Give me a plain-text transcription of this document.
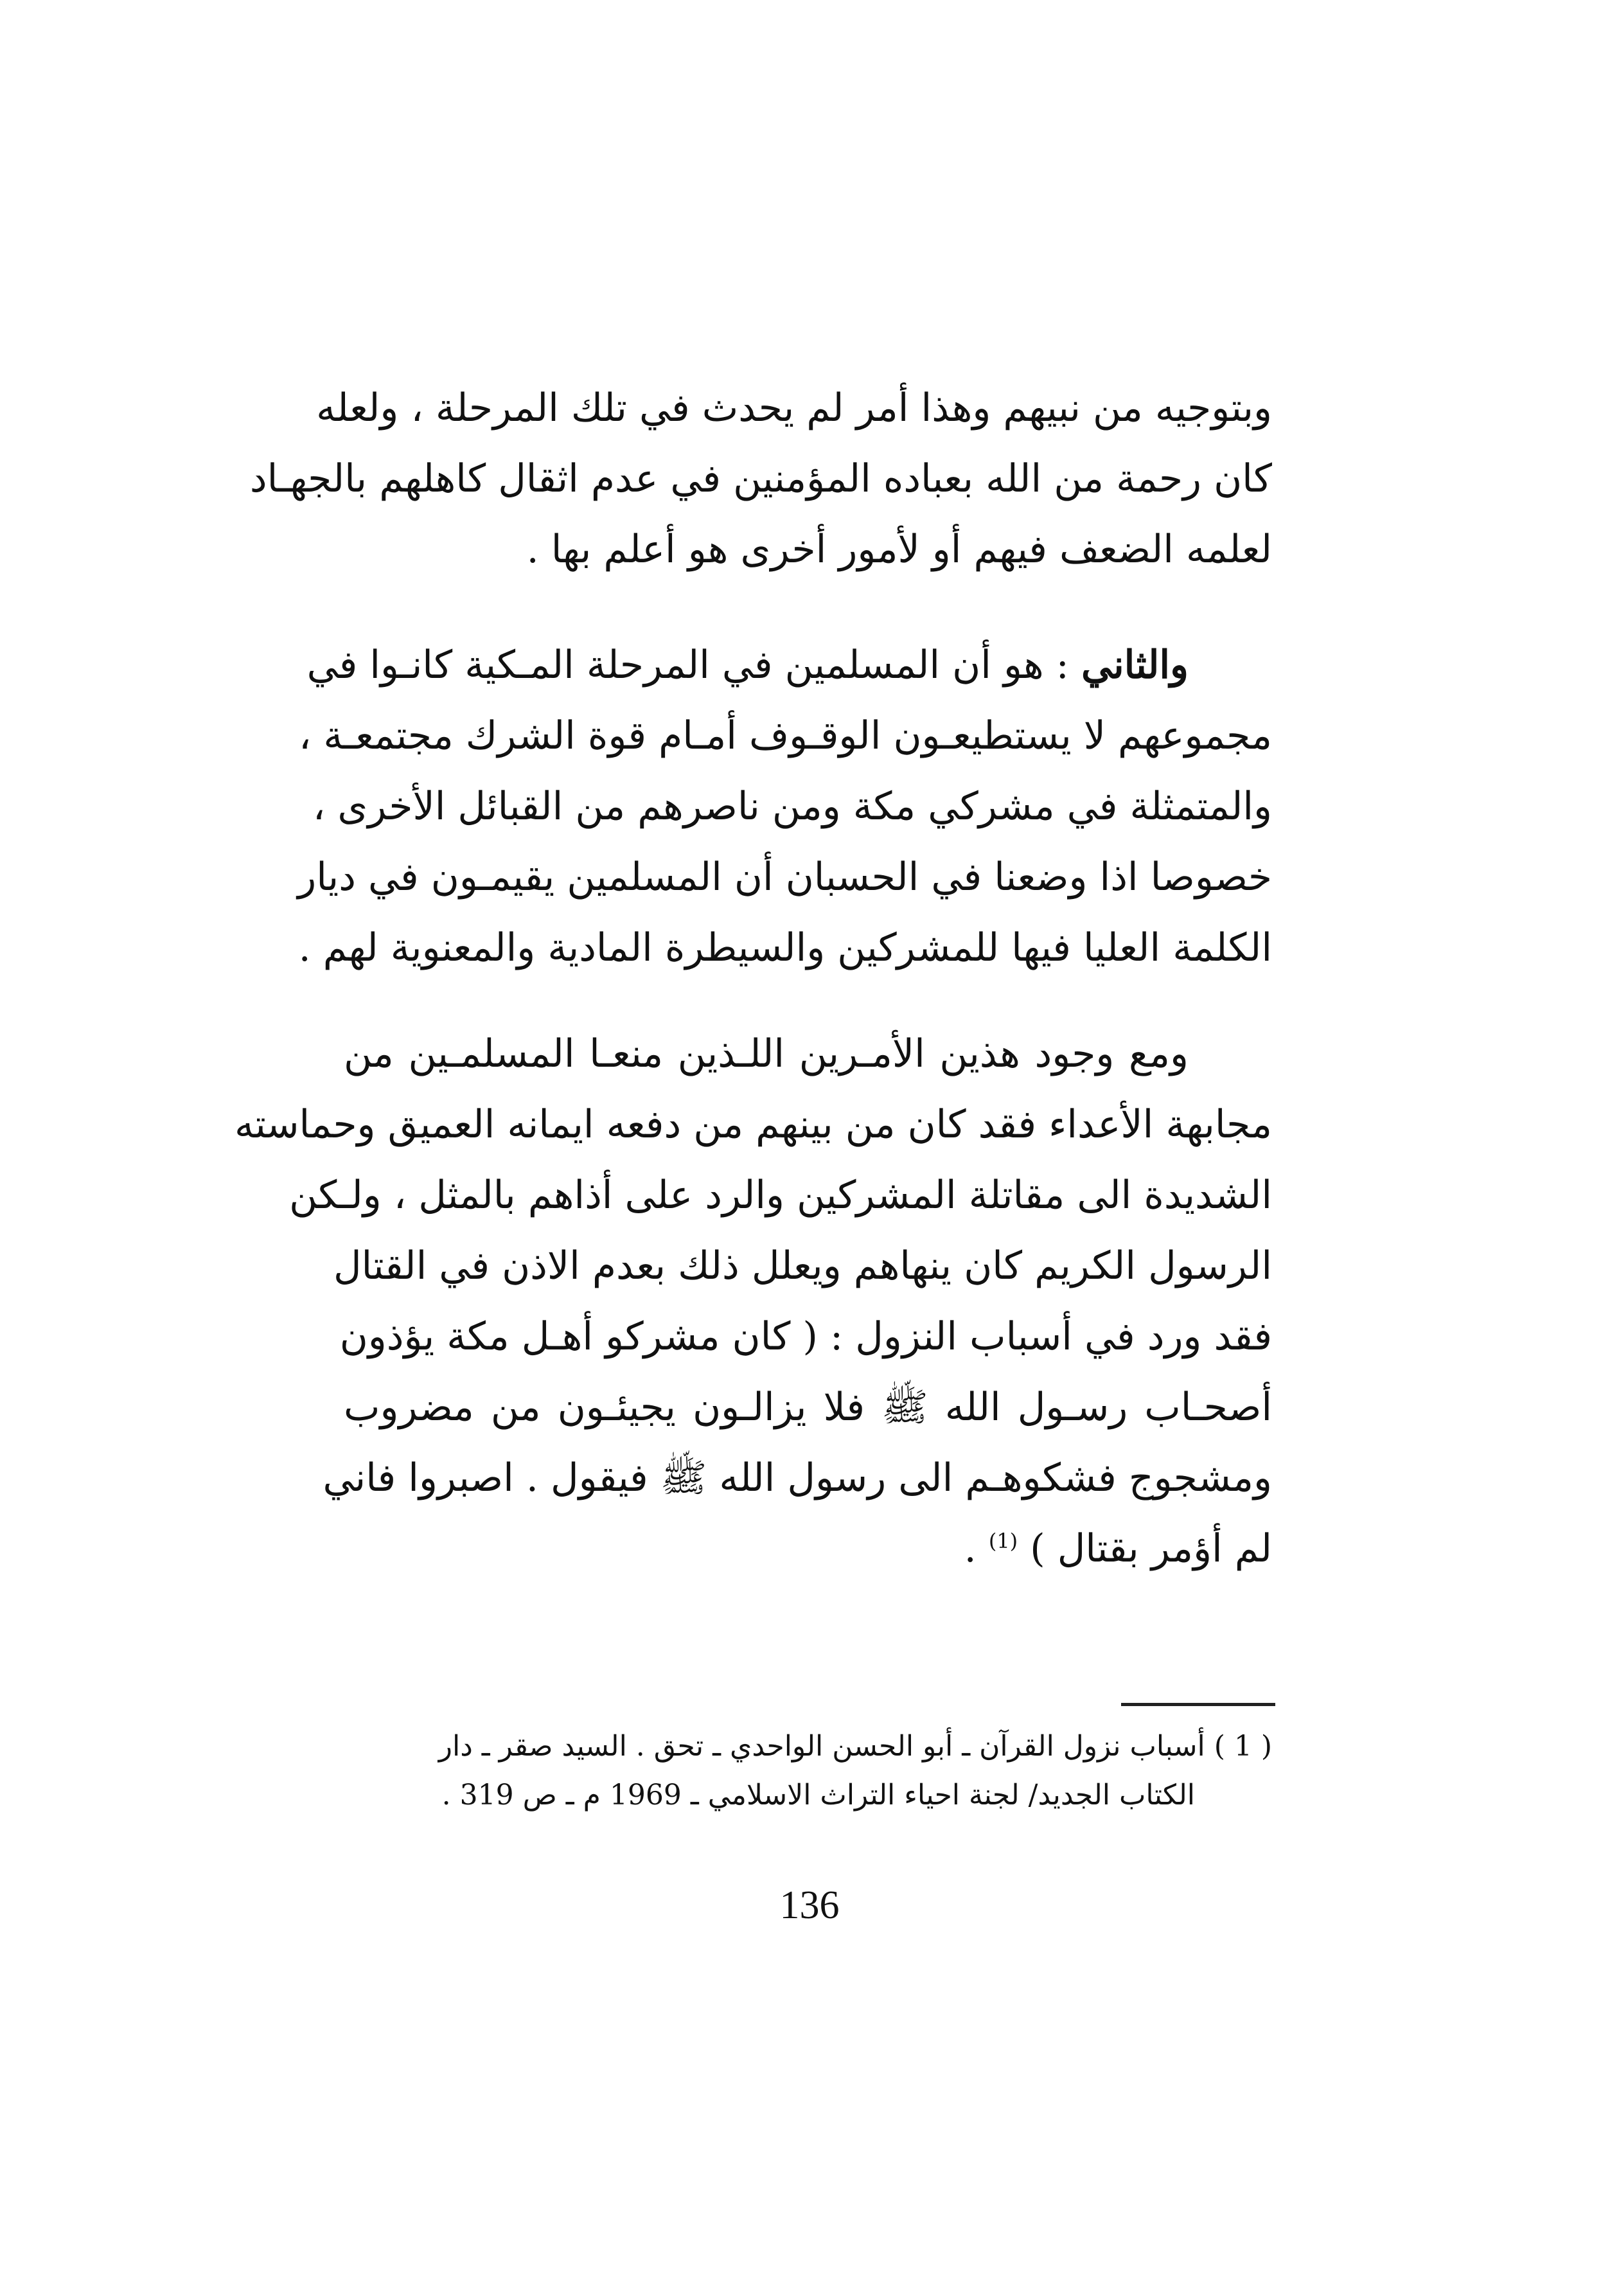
وبتوجيه من نبيهم وهذا أمر لم يحدث في تلك المرحلة ، ولعله
كان رحمة من الله بعباده المؤمنين في عدم اثقال كاهلهم بالجهـاد
لعلمه الضعف فيهم أو لأمور أخرى هو أعلم بها .
والثاني : هو أن المسلمين في المرحلة المـكية كانـوا في
مجموعهم لا يستطيعـون الوقـوف أمـام قوة الشرك مجتمعـة ،
والمتمثلة في مشركي مكة ومن ناصرهم من القبائل الأخرى ،
خصوصا اذا وضعنا في الحسبان أن المسلمين يقيمـون في ديار
الكلمة العليا فيها للمشركين والسيطرة المادية والمعنوية لهم .
ومع وجود هذين الأمـرين اللـذين منعـا المسلمـين من
مجابهة الأعداء فقد كان من بينهم من دفعه ايمانه العميق وحماسته
الشديدة الى مقاتلة المشركين والرد على أذاهم بالمثل ، ولـكن
الرسول الكريم كان ينهاهم ويعلل ذلك بعدم الاذن في القتال
فقد ورد في أسباب النزول : ( كان مشركو أهـل مكة يؤذون
أصحـاب رسـول الله ﷺ فلا يزالـون يجيئـون من مضروب
ومشجوج فشكوهـم الى رسول الله ﷺ فيقول . اصبروا فاني
لم أؤمر بقتال ) $^{(1)}$ .
( 1 ) أسباب نزول القرآن ـ أبو الحسن الواحدي ـ تحق . السيد صقر ـ دار
الكتاب الجديد/ لجنة احياء التراث الاسلامي ـ 1969 م ـ ص 319 .
136
